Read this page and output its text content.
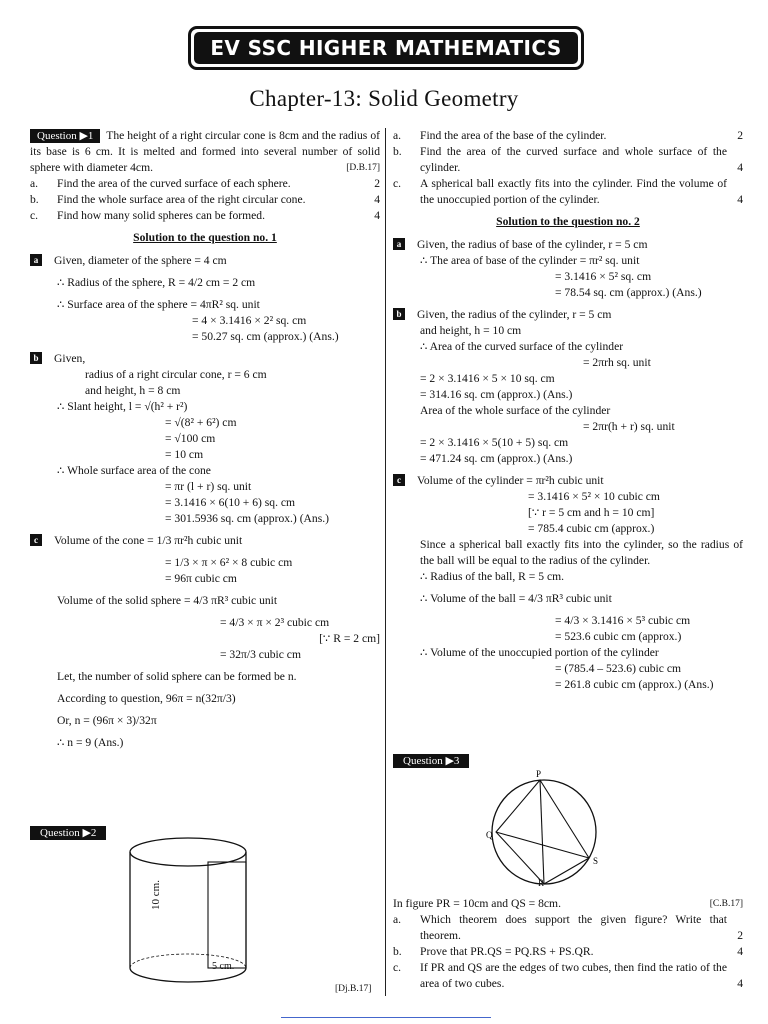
EV SSC HIGHER MATHEMATICS
Chapter-13: Solid Geometry
Question ▶1 The height of a right circular cone is 8cm and the radius of its base is 6 cm. It is melted and formed into several number of solid sphere with diameter 4cm.	[D.B.17]
a.	Find the area of the curved surface of each sphere.	2
b.	Find the whole surface area of the right circular cone.	4
c.	Find how many solid spheres can be formed.	4
Solution to the question no. 1
a Given, diameter of the sphere = 4 cm
∴ Radius of the sphere, R = 4/2 cm = 2 cm
∴ Surface area of the sphere = 4πR² sq. unit
= 4 × 3.1416 × 2² sq. cm
= 50.27 sq. cm (approx.) (Ans.)
b Given,
radius of a right circular cone, r = 6 cm
and height, h = 8 cm
∴ Slant height, l = √(h² + r²)
= √(8² + 6²) cm
= √100 cm
= 10 cm
∴ Whole surface area of the cone
= πr (l + r) sq. unit
= 3.1416 × 6(10 + 6) sq. cm
= 301.5936 sq. cm (approx.) (Ans.)
c Volume of the cone = 1/3 πr²h cubic unit
= 1/3 × π × 6² × 8 cubic cm
= 96π cubic cm
Volume of the solid sphere = 4/3 πR³ cubic unit
= 4/3 × π × 2³ cubic cm
[∵ R = 2 cm]
= 32π/3 cubic cm
Let, the number of solid sphere can be formed be n.
According to question, 96π = n(32π/3)
Or, n = (96π × 3)/32π
∴ n = 9 (Ans.)
Question ▶2
10 cm.
5 cm.
[Dj.B.17]
a.	Find the area of the base of the cylinder.	2
b.	Find the area of the curved surface and whole surface of the cylinder.	4
c.	A spherical ball exactly fits into the cylinder. Find the volume of the unoccupied portion of the cylinder.	4
Solution to the question no. 2
a Given, the radius of base of the cylinder, r = 5 cm
∴ The area of base of the cylinder = πr² sq. unit
= 3.1416 × 5² sq. cm
= 78.54 sq. cm (approx.) (Ans.)
b Given, the radius of the cylinder, r = 5 cm
and height, h = 10 cm
∴ Area of the curved surface of the cylinder
= 2πrh sq. unit
= 2 × 3.1416 × 5 × 10 sq. cm
= 314.16 sq. cm (approx.) (Ans.)
Area of the whole surface of the cylinder
= 2πr(h + r) sq. unit
= 2 × 3.1416 × 5(10 + 5) sq. cm
= 471.24 sq. cm (approx.) (Ans.)
c Volume of the cylinder = πr²h cubic unit
= 3.1416 × 5² × 10 cubic cm
[∵ r = 5 cm and h = 10 cm]
= 785.4 cubic cm (approx.)
Since a spherical ball exactly fits into the cylinder, so the radius of the ball will be equal to the radius of the cylinder.
∴ Radius of the ball, R = 5 cm.
∴ Volume of the ball = 4/3 πR³ cubic unit
= 4/3 × 3.1416 × 5³ cubic cm
= 523.6 cubic cm (approx.)
∴ Volume of the unoccupied portion of the cylinder
= (785.4 – 523.6) cubic cm
= 261.8 cubic cm (approx.) (Ans.)
Question ▶3
P
Q
S
R
In figure PR = 10cm and QS = 8cm.	[C.B.17]
a.	Which theorem does support the given figure? Write that theorem.	2
b.	Prove that PR.QS = PQ.RS + PS.QR.	4
c.	If PR and QS are the edges of two cubes, then find the ratio of the area of two cubes.	4
